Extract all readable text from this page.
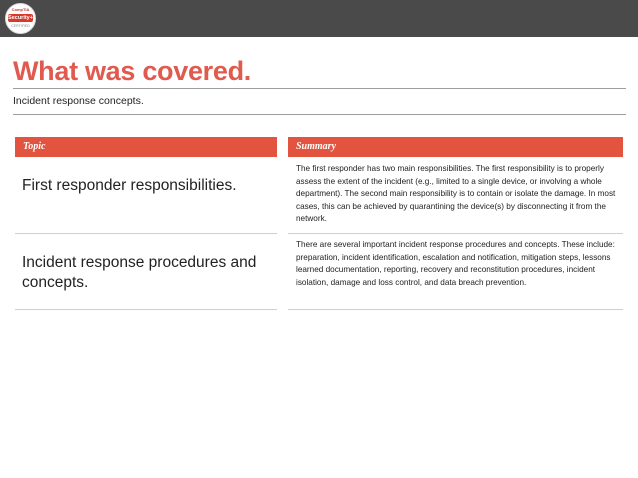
CompTIA
Security+
CERTIFIED
What was covered.
Incident response concepts.
Topic	Summary

First responder responsibilities.

The first responder has two main responsibilities. The first responsibility is to properly assess the extent of the incident (e.g., limited to a single device, or involving a whole department). The second main responsibility is to contain or isolate the damage. In most cases, this can be achieved by quarantining the device(s) by disconnecting it from the network.

Incident response procedures and concepts.

There are several important incident response procedures and concepts. These include: preparation, incident identification, escalation and notification, mitigation steps, lessons learned documentation, reporting, recovery and reconstitution procedures, incident isolation, damage and loss control, and data breach prevention.
